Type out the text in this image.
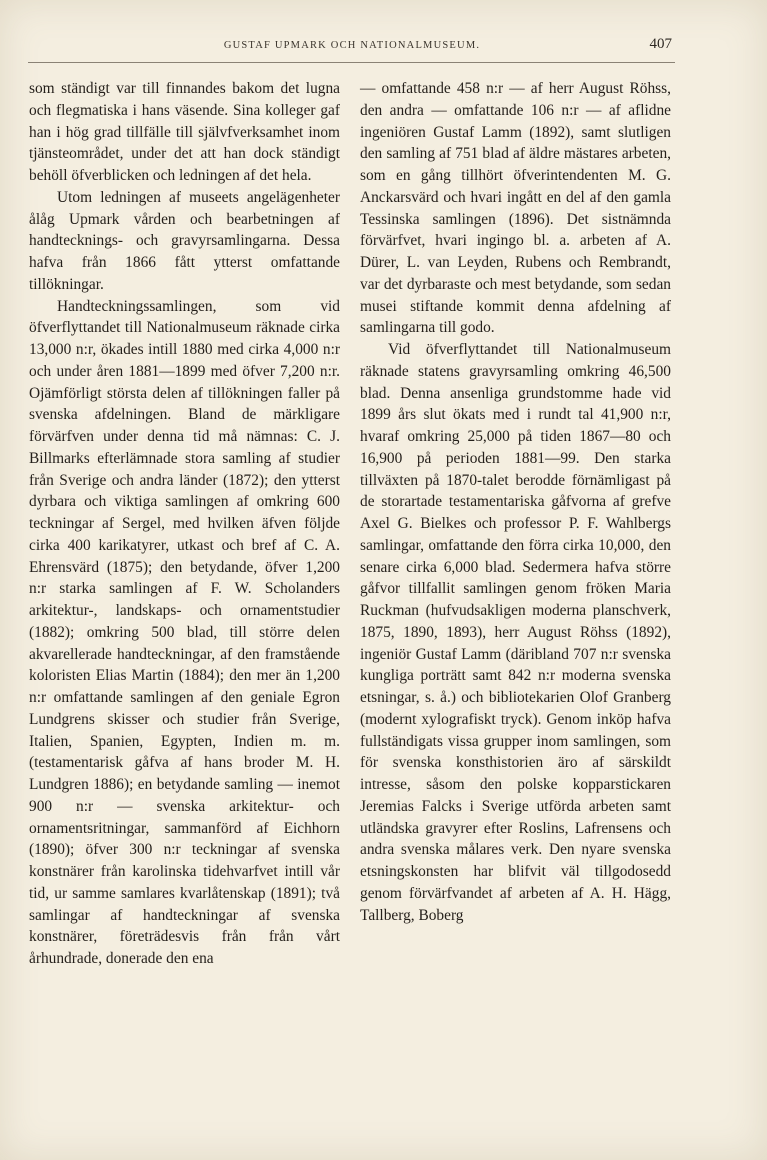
GUSTAF UPMARK OCH NATIONALMUSEUM.	407

som ständigt var till finnandes bakom det lugna och flegmatiska i hans väsende. Sina kolleger gaf han i hög grad tillfälle till självfverksamhet inom tjänsteområdet, under det att han dock ständigt behöll öfverblicken och ledningen af det hela.

Utom ledningen af museets angelägenheter ålåg Upmark vården och bearbetningen af handtecknings- och gravyrsamlingarna. Dessa hafva från 1866 fått ytterst omfattande tillökningar.

Handteckningssamlingen, som vid öfverflyttandet till Nationalmuseum räknade cirka 13,000 n:r, ökades intill 1880 med cirka 4,000 n:r och under åren 1881—1899 med öfver 7,200 n:r. Ojämförligt största delen af tillökningen faller på svenska afdelningen. Bland de märkligare förvärfven under denna tid må nämnas: C. J. Billmarks efterlämnade stora samling af studier från Sverige och andra länder (1872); den ytterst dyrbara och viktiga samlingen af omkring 600 teckningar af Sergel, med hvilken äfven följde cirka 400 karikatyrer, utkast och bref af C. A. Ehrensvärd (1875); den betydande, öfver 1,200 n:r starka samlingen af F. W. Scholanders arkitektur-, landskaps- och ornamentstudier (1882); omkring 500 blad, till större delen akvarellerade handteckningar, af den framstående koloristen Elias Martin (1884); den mer än 1,200 n:r omfattande samlingen af den geniale Egron Lundgrens skisser och studier från Sverige, Italien, Spanien, Egypten, Indien m. m. (testamentarisk gåfva af hans broder M. H. Lundgren 1886); en betydande samling — inemot 900 n:r — svenska arkitektur- och ornamentsritningar, sammanförd af Eichhorn (1890); öfver 300 n:r teckningar af svenska konstnärer från karolinska tidehvarfvet intill vår tid, ur samme samlares kvarlåtenskap (1891); två samlingar af handteckningar af svenska konstnärer, företrädesvis från från vårt århundrade, donerade den ena

— omfattande 458 n:r — af herr August Röhss, den andra — omfattande 106 n:r — af aflidne ingeniören Gustaf Lamm (1892), samt slutligen den samling af 751 blad af äldre mästares arbeten, som en gång tillhört öfverintendenten M. G. Anckarsvärd och hvari ingått en del af den gamla Tessinska samlingen (1896). Det sistnämnda förvärfvet, hvari ingingo bl. a. arbeten af A. Dürer, L. van Leyden, Rubens och Rembrandt, var det dyrbaraste och mest betydande, som sedan musei stiftande kommit denna afdelning af samlingarna till godo.

Vid öfverflyttandet till Nationalmuseum räknade statens gravyrsamling omkring 46,500 blad. Denna ansenliga grundstomme hade vid 1899 års slut ökats med i rundt tal 41,900 n:r, hvaraf omkring 25,000 på tiden 1867—80 och 16,900 på perioden 1881—99. Den starka tillväxten på 1870-talet berodde förnämligast på de storartade testamentariska gåfvorna af grefve Axel G. Bielkes och professor P. F. Wahlbergs samlingar, omfattande den förra cirka 10,000, den senare cirka 6,000 blad. Sedermera hafva större gåfvor tillfallit samlingen genom fröken Maria Ruckman (hufvudsakligen moderna planschverk, 1875, 1890, 1893), herr August Röhss (1892), ingeniör Gustaf Lamm (däribland 707 n:r svenska kungliga porträtt samt 842 n:r moderna svenska etsningar, s. å.) och bibliotekarien Olof Granberg (modernt xylografiskt tryck). Genom inköp hafva fullständigats vissa grupper inom samlingen, som för svenska konsthistorien äro af särskildt intresse, såsom den polske kopparstickaren Jeremias Falcks i Sverige utförda arbeten samt utländska gravyrer efter Roslins, Lafrensens och andra svenska målares verk. Den nyare svenska etsningskonsten har blifvit väl tillgodosedd genom förvärfvandet af arbeten af A. H. Hägg, Tallberg, Boberg
